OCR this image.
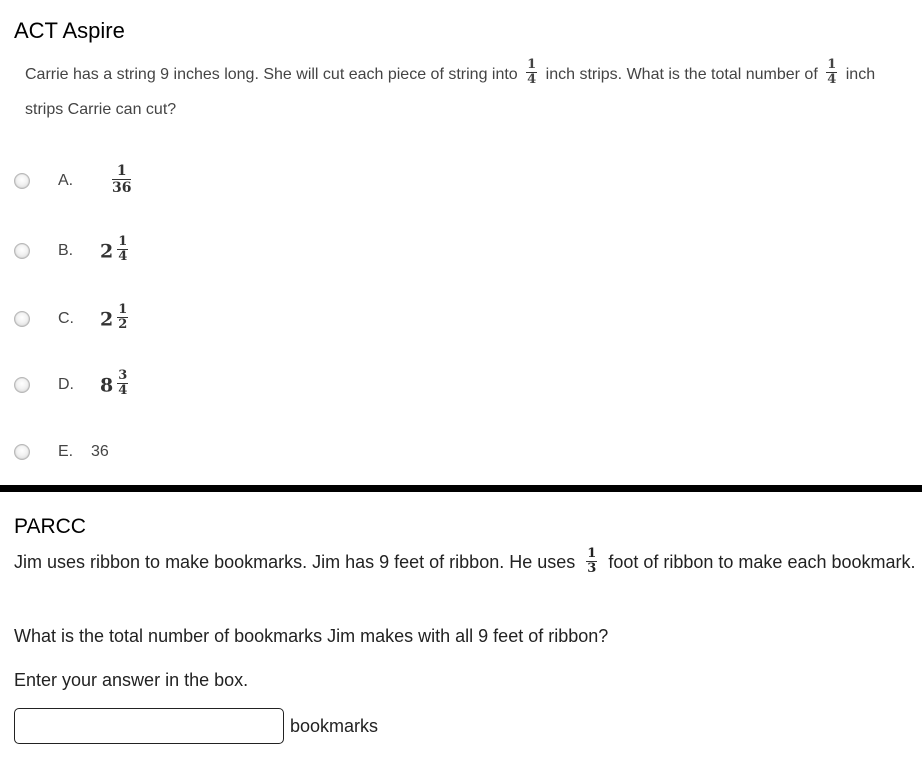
ACT Aspire
Carrie has a string 9 inches long. She will cut each piece of string into $\frac{1}{4}$ inch strips. What is the total number of $\frac{1}{4}$ inch strips Carrie can cut?
A.	$\frac{1}{36}$
B. $2 \frac{1}{4}$
C. $2 \frac{1}{2}$
D. $8 \frac{3}{4}$
E. 36
PARCC
Jim uses ribbon to make bookmarks. Jim has 9 feet of ribbon. He uses $\frac{1}{3}$ foot of ribbon to make each bookmark.
What is the total number of bookmarks Jim makes with all 9 feet of ribbon?
Enter your answer in the box.
bookmarks
